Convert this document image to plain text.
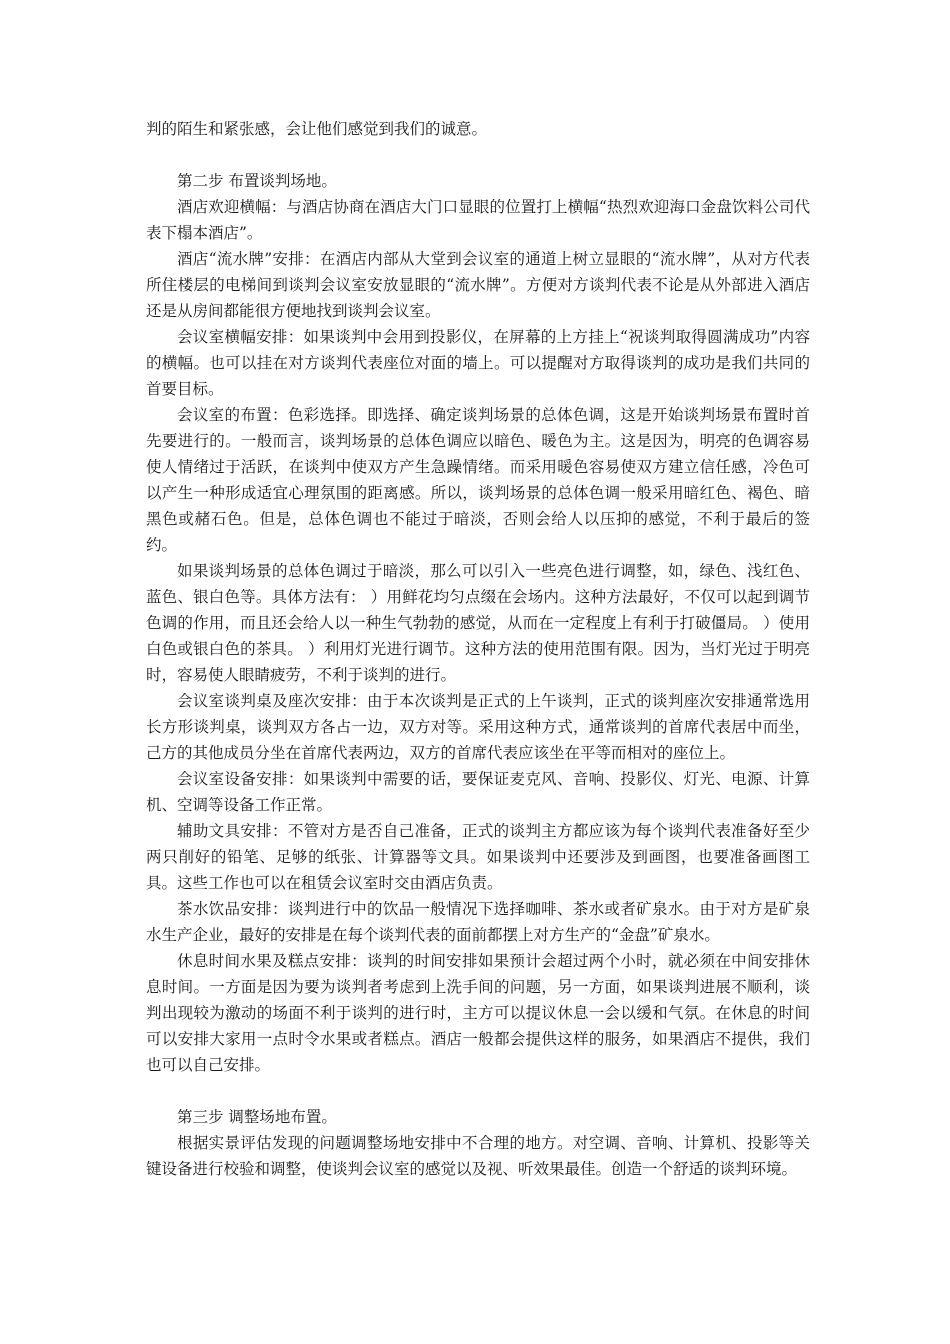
判的陌生和紧张感，会让他们感觉到我们的诚意。

第二步 布置谈判场地。

酒店欢迎横幅：与酒店协商在酒店大门口显眼的位置打上横幅“热烈欢迎海口金盘饮料公司代表下榻本酒店”。

酒店“流水牌”安排：在酒店内部从大堂到会议室的通道上树立显眼的“流水牌”，从对方代表所住楼层的电梯间到谈判会议室安放显眼的“流水牌”。方便对方谈判代表不论是从外部进入酒店还是从房间都能很方便地找到谈判会议室。

会议室横幅安排：如果谈判中会用到投影仪，在屏幕的上方挂上“祝谈判取得圆满成功”内容的横幅。也可以挂在对方谈判代表座位对面的墙上。可以提醒对方取得谈判的成功是我们共同的首要目标。

会议室的布置：色彩选择。即选择、确定谈判场景的总体色调，这是开始谈判场景布置时首先要进行的。一般而言，谈判场景的总体色调应以暗色、暖色为主。这是因为，明亮的色调容易使人情绪过于活跃，在谈判中使双方产生急躁情绪。而采用暖色容易使双方建立信任感，冷色可以产生一种形成适宜心理氛围的距离感。所以，谈判场景的总体色调一般采用暗红色、褐色、暗黑色或赭石色。但是，总体色调也不能过于暗淡，否则会给人以压抑的感觉，不利于最后的签约。

如果谈判场景的总体色调过于暗淡，那么可以引入一些亮色进行调整，如，绿色、浅红色、蓝色、银白色等。具体方法有： ）用鲜花均匀点缀在会场内。这种方法最好，不仅可以起到调节色调的作用，而且还会给人以一种生气勃勃的感觉，从而在一定程度上有利于打破僵局。 ）使用白色或银白色的茶具。 ）利用灯光进行调节。这种方法的使用范围有限。因为，当灯光过于明亮时，容易使人眼睛疲劳，不利于谈判的进行。

会议室谈判桌及座次安排：由于本次谈判是正式的上午谈判，正式的谈判座次安排通常选用长方形谈判桌，谈判双方各占一边，双方对等。采用这种方式，通常谈判的首席代表居中而坐，己方的其他成员分坐在首席代表两边，双方的首席代表应该坐在平等而相对的座位上。

会议室设备安排：如果谈判中需要的话，要保证麦克风、音响、投影仪、灯光、电源、计算机、空调等设备工作正常。

辅助文具安排：不管对方是否自己准备，正式的谈判主方都应该为每个谈判代表准备好至少两只削好的铅笔、足够的纸张、计算器等文具。如果谈判中还要涉及到画图，也要准备画图工具。这些工作也可以在租赁会议室时交由酒店负责。

茶水饮品安排：谈判进行中的饮品一般情况下选择咖啡、茶水或者矿泉水。由于对方是矿泉水生产企业，最好的安排是在每个谈判代表的面前都摆上对方生产的“金盘”矿泉水。

休息时间水果及糕点安排：谈判的时间安排如果预计会超过两个小时，就必须在中间安排休息时间。一方面是因为要为谈判者考虑到上洗手间的问题，另一方面，如果谈判进展不顺利，谈判出现较为激动的场面不利于谈判的进行时，主方可以提议休息一会以缓和气氛。在休息的时间可以安排大家用一点时令水果或者糕点。酒店一般都会提供这样的服务，如果酒店不提供，我们也可以自己安排。

第三步 调整场地布置。

根据实景评估发现的问题调整场地安排中不合理的地方。对空调、音响、计算机、投影等关键设备进行校验和调整，使谈判会议室的感觉以及视、听效果最佳。创造一个舒适的谈判环境。
